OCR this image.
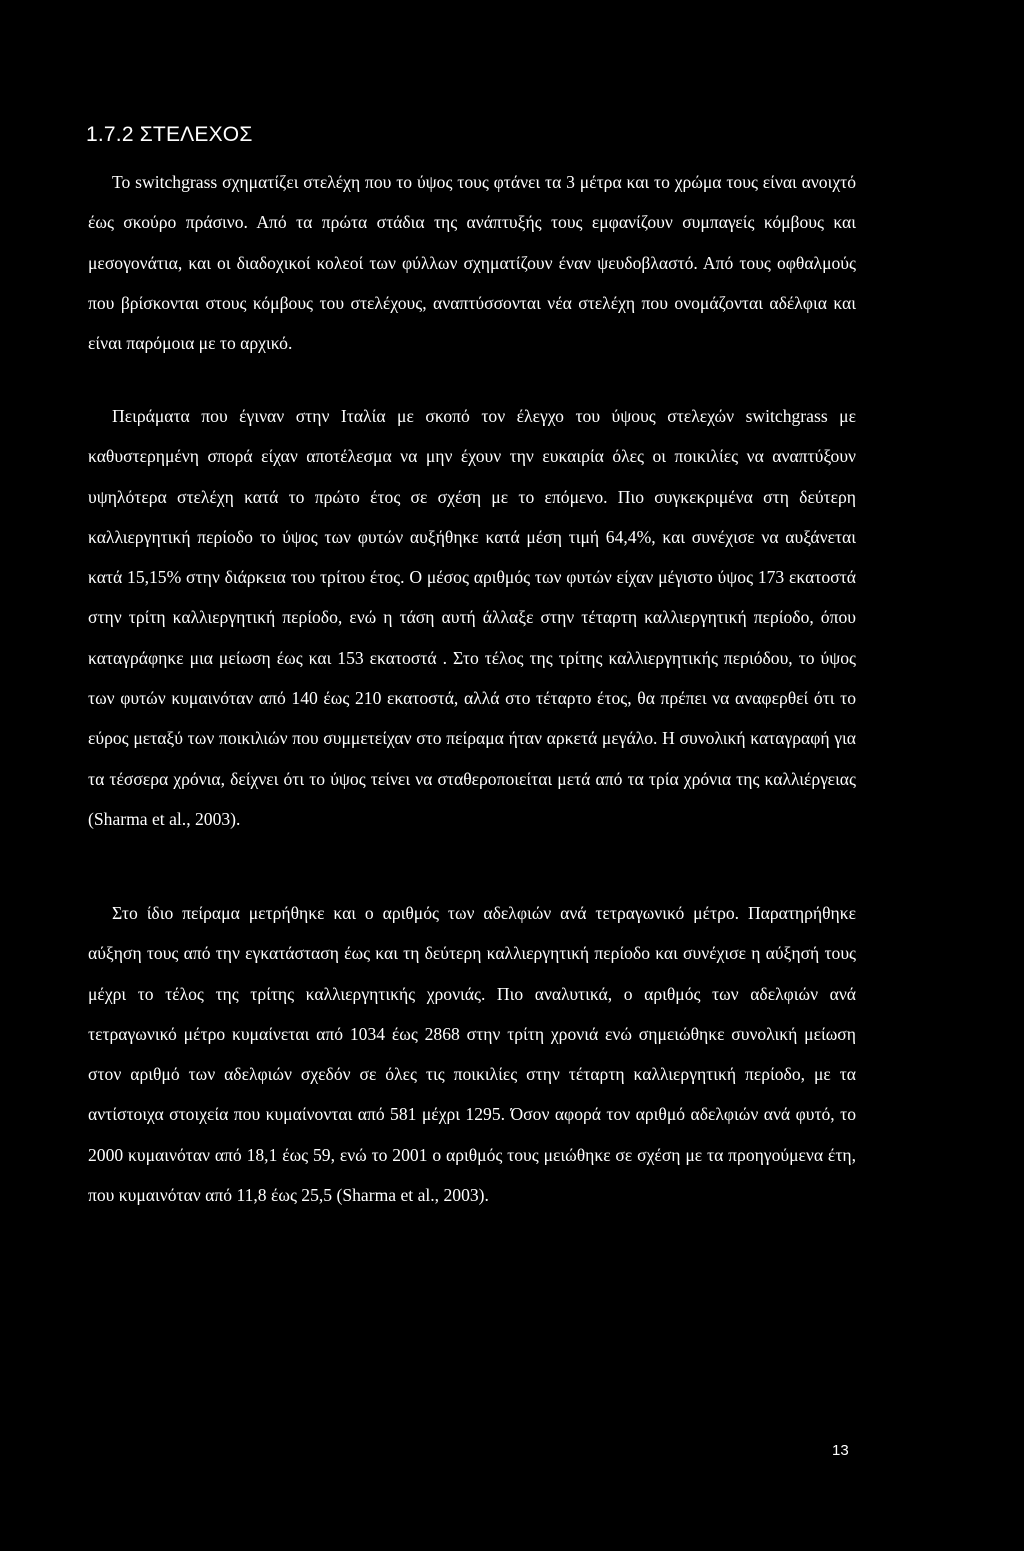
1.7.2 ΣΤΕΛΕΧΟΣ

Το switchgrass σχηματίζει στελέχη που το ύψος τους φτάνει τα 3 μέτρα και το χρώμα τους είναι ανοιχτό έως σκούρο πράσινο. Από τα πρώτα στάδια της ανάπτυξής τους εμφανίζουν συμπαγείς κόμβους και μεσογονάτια, και οι διαδοχικοί κολεοί των φύλλων σχηματίζουν έναν ψευδοβλαστό. Από τους οφθαλμούς που βρίσκονται στους κόμβους του στελέχους, αναπτύσσονται νέα στελέχη που ονομάζονται αδέλφια και είναι παρόμοια με το αρχικό.

Πειράματα που έγιναν στην Ιταλία με σκοπό τον έλεγχο του ύψους στελεχών switchgrass με καθυστερημένη σπορά είχαν αποτέλεσμα να μην έχουν την ευκαιρία όλες οι ποικιλίες να αναπτύξουν υψηλότερα στελέχη κατά το πρώτο έτος σε σχέση με το επόμενο. Πιο συγκεκριμένα στη δεύτερη καλλιεργητική περίοδο το ύψος των φυτών αυξήθηκε κατά μέση τιμή 64,4%, και συνέχισε να αυξάνεται κατά 15,15% στην διάρκεια του τρίτου έτος. Ο μέσος αριθμός των φυτών είχαν μέγιστο ύψος 173 εκατοστά στην τρίτη καλλιεργητική περίοδο, ενώ η τάση αυτή άλλαξε στην τέταρτη καλλιεργητική περίοδο, όπου καταγράφηκε μια μείωση έως και 153 εκατοστά . Στο τέλος της τρίτης καλλιεργητικής περιόδου, το ύψος των φυτών κυμαινόταν από 140 έως 210 εκατοστά, αλλά στο τέταρτο έτος, θα πρέπει να αναφερθεί ότι το εύρος μεταξύ των ποικιλιών που συμμετείχαν στο πείραμα ήταν αρκετά μεγάλο. Η συνολική καταγραφή για τα τέσσερα χρόνια, δείχνει ότι το ύψος τείνει να σταθεροποιείται μετά από τα τρία χρόνια της καλλιέργειας (Sharma et al., 2003).

Στο ίδιο πείραμα μετρήθηκε και ο αριθμός των αδελφιών ανά τετραγωνικό μέτρο. Παρατηρήθηκε αύξηση τους από την εγκατάσταση έως και τη δεύτερη καλλιεργητική περίοδο και συνέχισε η αύξησή τους μέχρι το τέλος της τρίτης καλλιεργητικής χρονιάς. Πιο αναλυτικά, ο αριθμός των αδελφιών ανά τετραγωνικό μέτρο κυμαίνεται από 1034 έως 2868 στην τρίτη χρονιά ενώ σημειώθηκε συνολική μείωση στον αριθμό των αδελφιών σχεδόν σε όλες τις ποικιλίες στην τέταρτη καλλιεργητική περίοδο, με τα αντίστοιχα στοιχεία που κυμαίνονται από 581 μέχρι 1295. Όσον αφορά τον αριθμό αδελφιών ανά φυτό, το 2000 κυμαινόταν από 18,1 έως 59, ενώ το 2001 ο αριθμός τους μειώθηκε σε σχέση με τα προηγούμενα έτη, που κυμαινόταν από 11,8 έως 25,5 (Sharma et al., 2003).

13
